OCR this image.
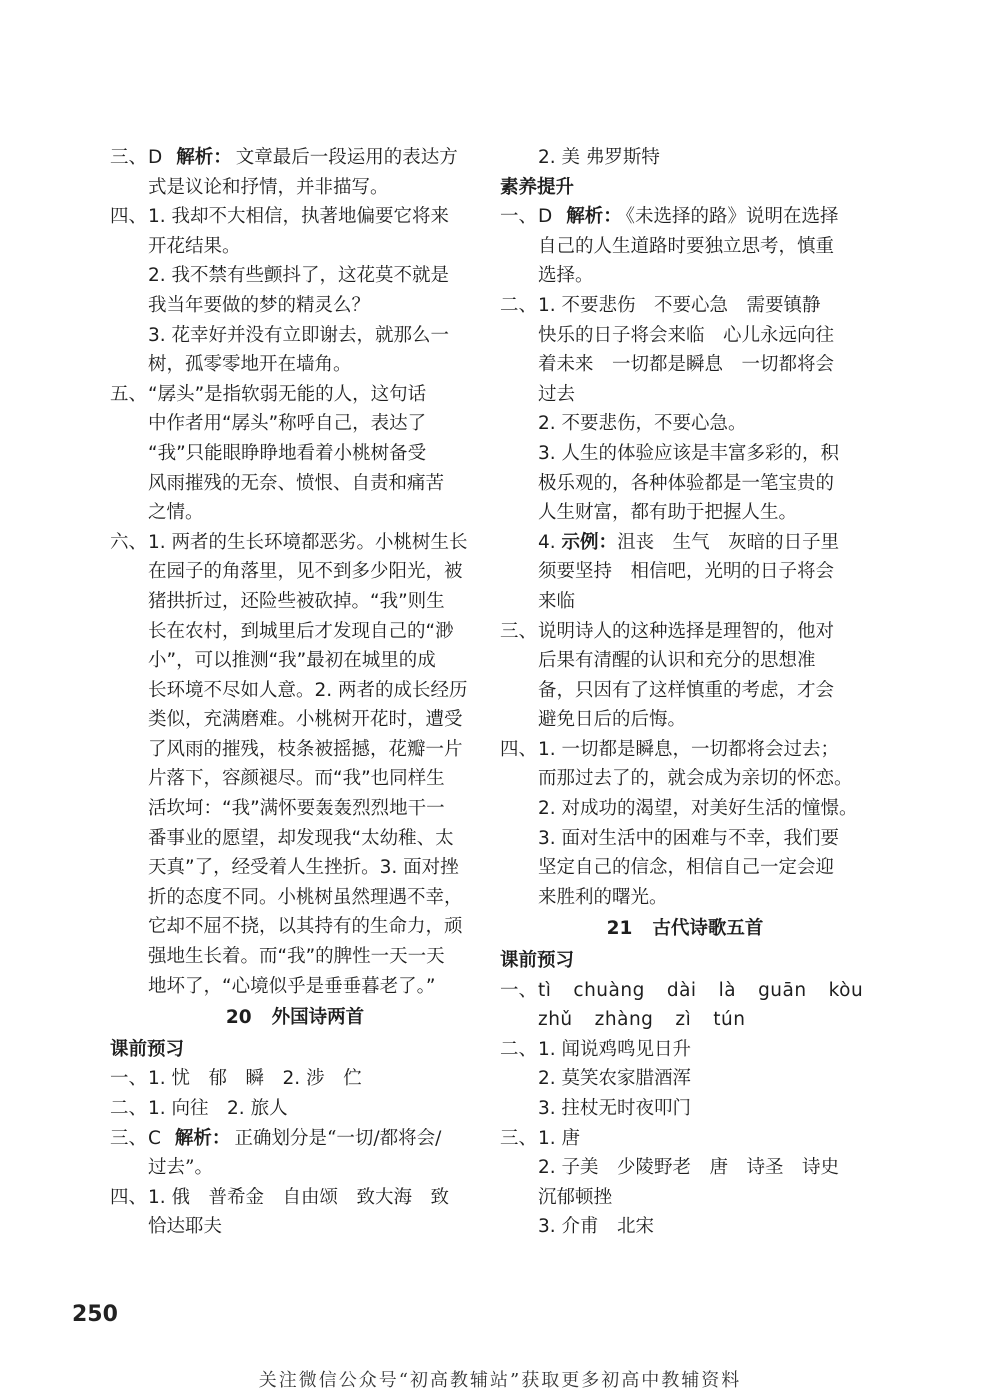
三、 D 解析： 文章最后一段运用的表达方
式是议论和抒情，并非描写。
四、 1. 我却不大相信，执著地偏要它将来
开花结果。
2. 我不禁有些颤抖了，这花莫不就是
我当年要做的梦的精灵么？
3. 花幸好并没有立即谢去，就那么一
树，孤零零地开在墙角。
五、 “孱头”是指软弱无能的人，这句话
中作者用“孱头”称呼自己，表达了
“我”只能眼睁睁地看着小桃树备受
风雨摧残的无奈、愤恨、自责和痛苦
之情。
六、 1. 两者的生长环境都恶劣。小桃树生长
在园子的角落里，见不到多少阳光，被
猪拱折过，还险些被砍掉。“我”则生
长在农村，到城里后才发现自己的“渺
小”，可以推测“我”最初在城里的成
长环境不尽如人意。2. 两者的成长经历
类似，充满磨难。小桃树开花时，遭受
了风雨的摧残，枝条被摇撼，花瓣一片
片落下，容颜褪尽。而“我”也同样生
活坎坷：“我”满怀要轰轰烈烈地干一
番事业的愿望，却发现我“太幼稚、太
天真”了，经受着人生挫折。3. 面对挫
折的态度不同。小桃树虽然理遇不幸，
它却不屈不挠，以其持有的生命力，顽
强地生长着。而“我”的脾性一天一天
地坏了，“心境似乎是垂垂暮老了。”
20 外国诗两首
课前预习
一、 1. 忧　郁　瞬　2. 涉　伫
二、 1. 向往　2. 旅人
三、 C 解析： 正确划分是“一切/都将会/
过去”。
四、 1. 俄　普希金　自由颂　致大海　致
恰达耶夫
2. 美 弗罗斯特
素养提升
一、 D 解析： 《未选择的路》说明在选择
自己的人生道路时要独立思考，慎重
选择。
二、 1. 不要悲伤　不要心急　需要镇静
快乐的日子将会来临　心儿永远向往
着未来　一切都是瞬息　一切都将会
过去
2. 不要悲伤，不要心急。
3. 人生的体验应该是丰富多彩的，积
极乐观的，各种体验都是一笔宝贵的
人生财富，都有助于把握人生。
4. 示例：沮丧　生气　灰暗的日子里
须要坚持　相信吧，光明的日子将会
来临
三、 说明诗人的这种选择是理智的，他对
后果有清醒的认识和充分的思想准
备，只因有了这样慎重的考虑，才会
避免日后的后悔。
四、 1. 一切都是瞬息，一切都将会过去；
而那过去了的，就会成为亲切的怀恋。
2. 对成功的渴望，对美好生活的憧憬。
3. 面对生活中的困难与不幸，我们要
坚定自己的信念，相信自己一定会迎
来胜利的曙光。
21 古代诗歌五首
课前预习
一、 tì chuàng dài là guān kòu
zhǔ zhàng zì tún
二、 1. 闻说鸡鸣见日升
2. 莫笑农家腊酒浑
3. 拄杖无时夜叩门
三、 1. 唐
2. 子美　少陵野老　唐　诗圣　诗史
沉郁顿挫
3. 介甫　北宋
250
关注微信公众号“初高教辅站”获取更多初高中教辅资料
